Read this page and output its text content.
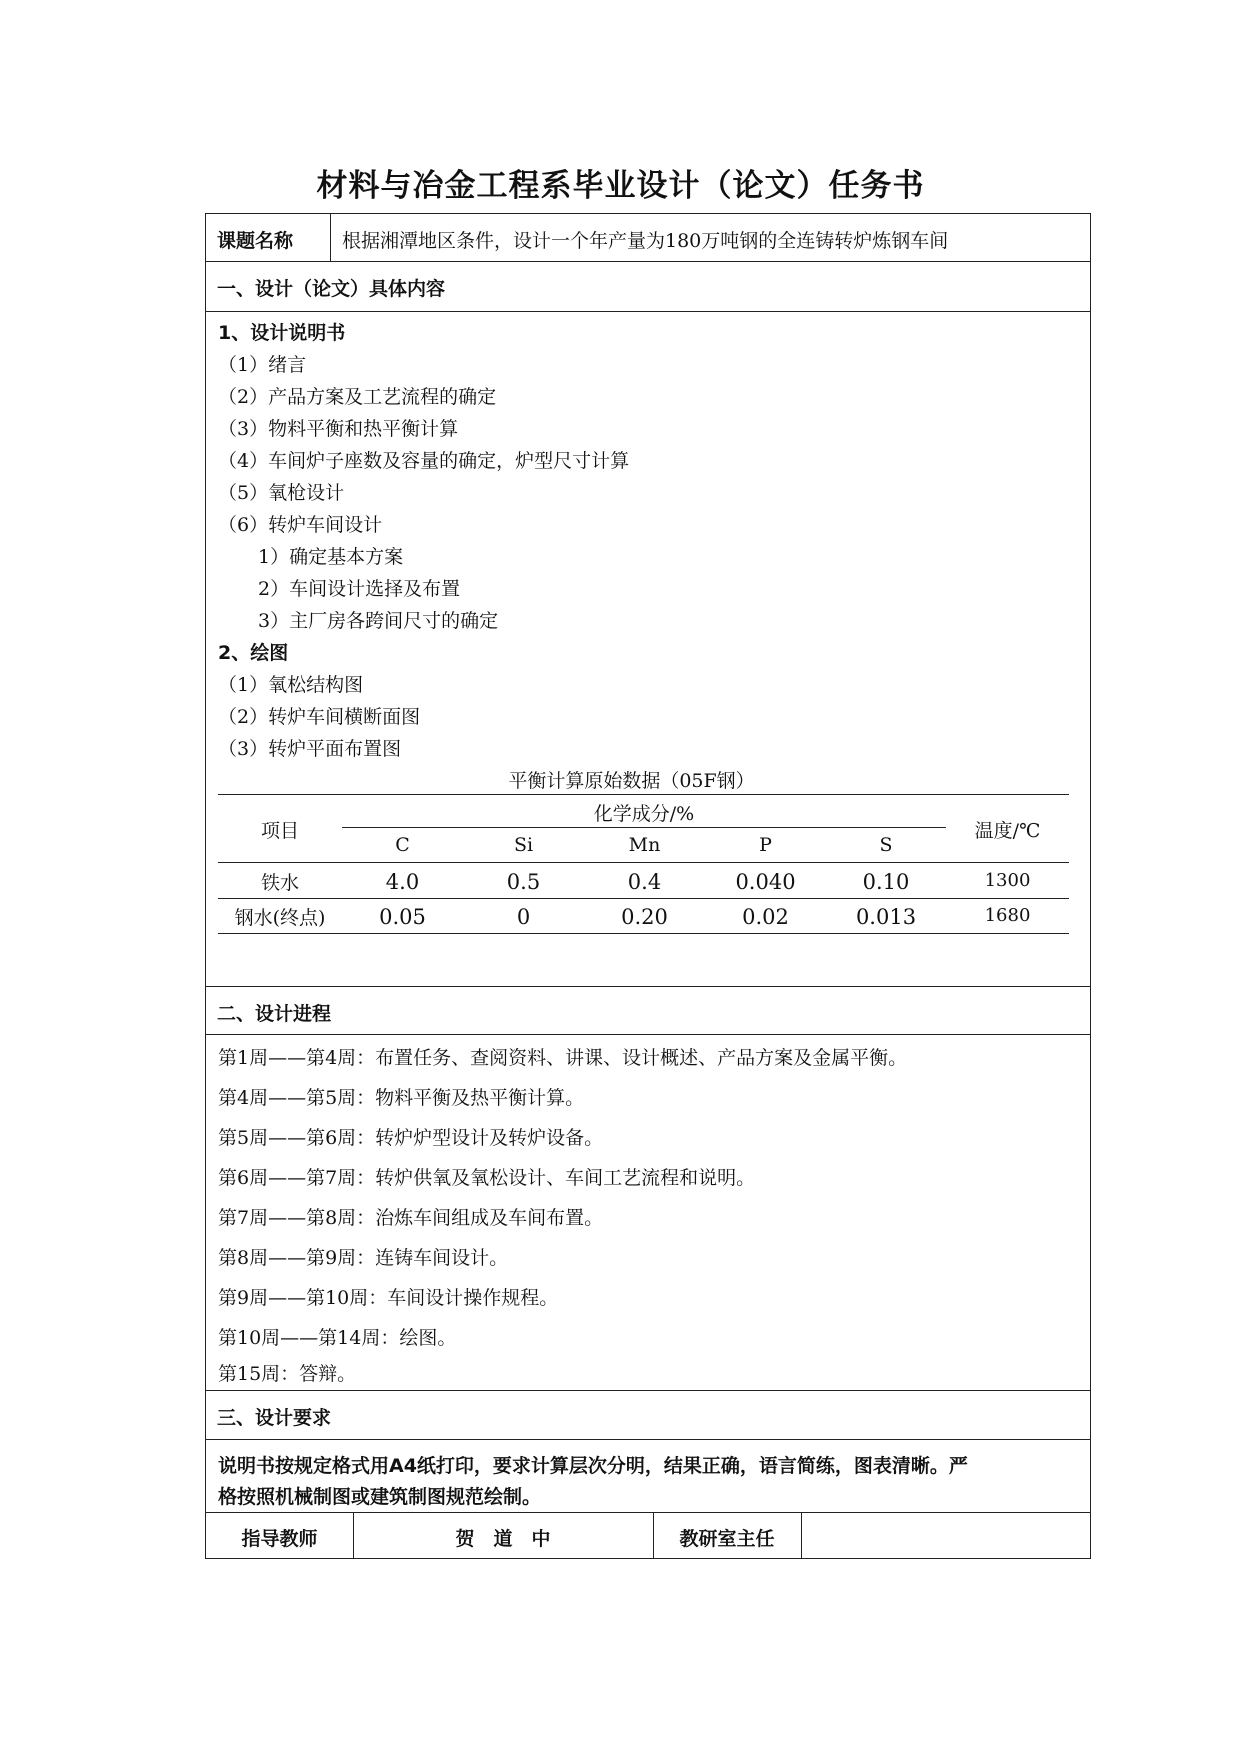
材料与冶金工程系毕业设计（论文）任务书
课题名称	根据湘潭地区条件，设计一个年产量为180万吨钢的全连铸转炉炼钢车间
一、设计（论文）具体内容
1、设计说明书
（1）绪言
（2）产品方案及工艺流程的确定
（3）物料平衡和热平衡计算
（4）车间炉子座数及容量的确定，炉型尺寸计算
（5）氧枪设计
（6）转炉车间设计
1）确定基本方案
2）车间设计选择及布置
3）主厂房各跨间尺寸的确定
2、绘图
（1）氧松结构图
（2）转炉车间横断面图
（3）转炉平面布置图
平衡计算原始数据（05F钢）
项目
化学成分/%
温度/℃
C	Si	Mn	P	S
铁水	4.0	0.5	0.4	0.040	0.10	1300
钢水(终点)	0.05	0	0.20	0.02	0.013	1680
二、设计进程
第1周——第4周：布置任务、查阅资料、讲课、设计概述、产品方案及金属平衡。
第4周——第5周：物料平衡及热平衡计算。
第5周——第6周：转炉炉型设计及转炉设备。
第6周——第7周：转炉供氧及氧松设计、车间工艺流程和说明。
第7周——第8周：治炼车间组成及车间布置。
第8周——第9周：连铸车间设计。
第9周——第10周：车间设计操作规程。
第10周——第14周：绘图。
第15周：答辩。
三、设计要求
说明书按规定格式用A4纸打印，要求计算层次分明，结果正确，语言简练，图表清晰。严
格按照机械制图或建筑制图规范绘制。
指导教师	贺　道　中	教研室主任
